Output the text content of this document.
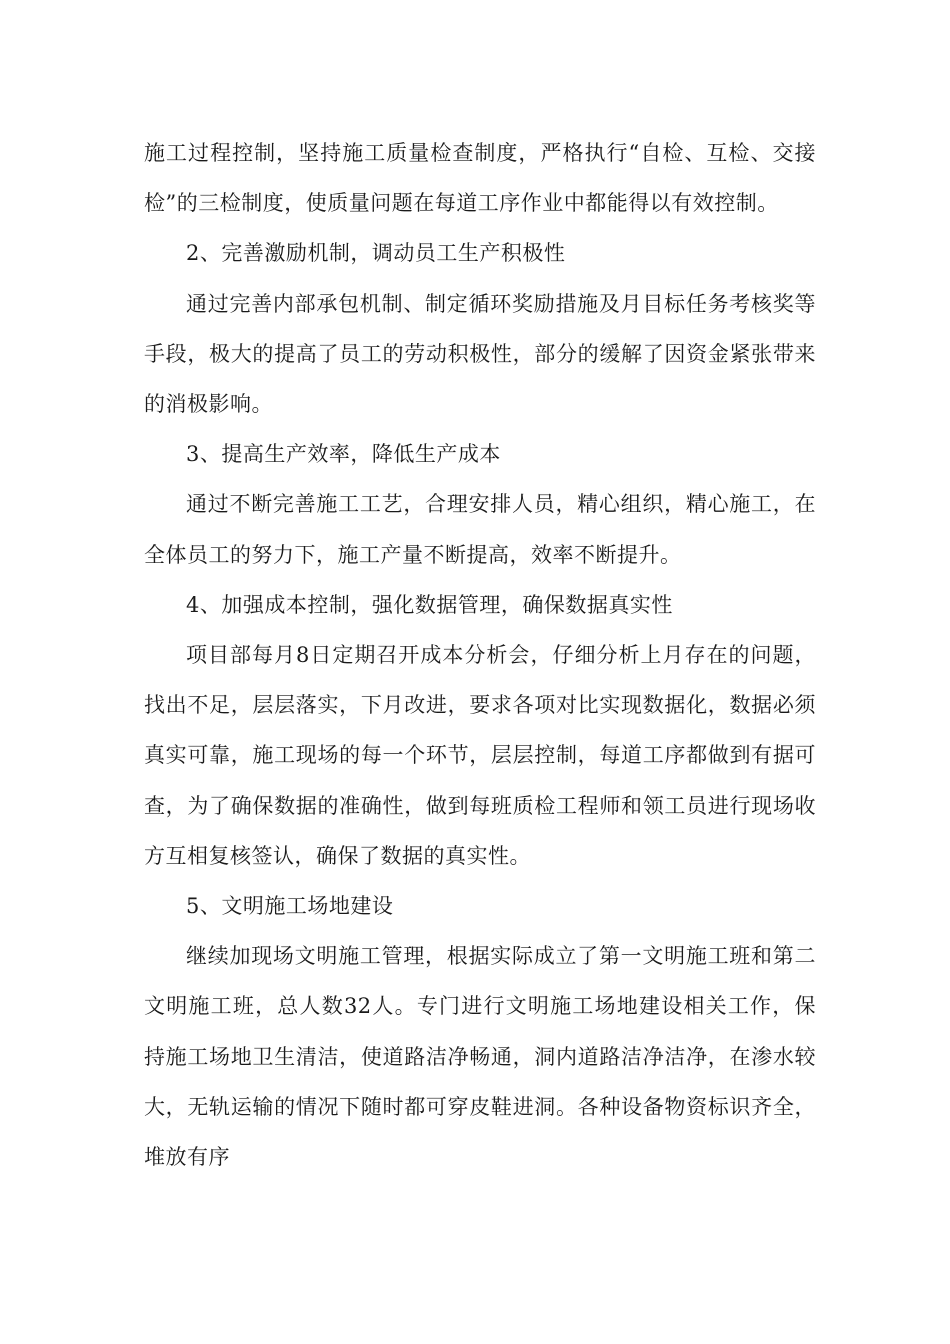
施工过程控制，坚持施工质量检查制度，严格执行“自检、互检、交接检”的三检制度，使质量问题在每道工序作业中都能得以有效控制。

2、完善激励机制，调动员工生产积极性

通过完善内部承包机制、制定循环奖励措施及月目标任务考核奖等手段，极大的提高了员工的劳动积极性，部分的缓解了因资金紧张带来的消极影响。

3、提高生产效率，降低生产成本

通过不断完善施工工艺，合理安排人员，精心组织，精心施工，在全体员工的努力下，施工产量不断提高，效率不断提升。

4、加强成本控制，强化数据管理，确保数据真实性

项目部每月8日定期召开成本分析会，仔细分析上月存在的问题，找出不足，层层落实，下月改进，要求各项对比实现数据化，数据必须真实可靠，施工现场的每一个环节，层层控制，每道工序都做到有据可查，为了确保数据的准确性，做到每班质检工程师和领工员进行现场收方互相复核签认，确保了数据的真实性。

5、文明施工场地建设

继续加现场文明施工管理，根据实际成立了第一文明施工班和第二文明施工班，总人数32人。专门进行文明施工场地建设相关工作，保持施工场地卫生清洁，使道路洁净畅通，洞内道路洁净洁净，在渗水较大，无轨运输的情况下随时都可穿皮鞋进洞。各种设备物资标识齐全，堆放有序
